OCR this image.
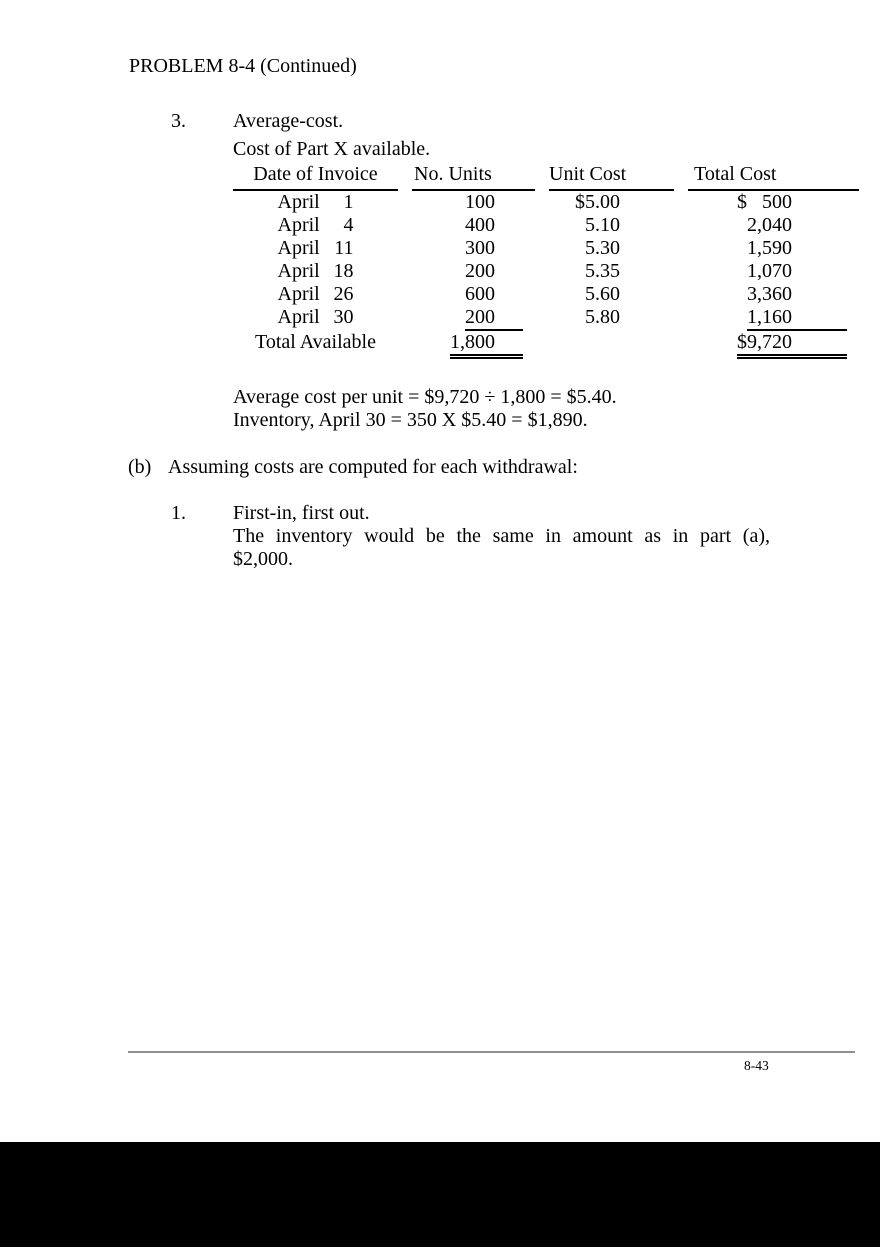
PROBLEM 8-4 (Continued)
3. Average-cost.
Cost of Part X available.
Date of Invoice	No. Units	Unit Cost	Total Cost

April 1	100	$5.00	$   500

April 4	400	5.10	2,040

April 11	300	5.30	1,590

April 18	200	5.35	1,070

April 26	600	5.60	3,360

April 30	200	5.80	1,160
Total Available	1,800		$9,720
Average cost per unit = $9,720 ÷ 1,800 = $5.40.
Inventory, April 30 = 350 X $5.40 = $1,890.
(b) Assuming costs are computed for each withdrawal:
1. First-in, first out.
The inventory would be the same in amount as in part (a),
$2,000.
8-43
